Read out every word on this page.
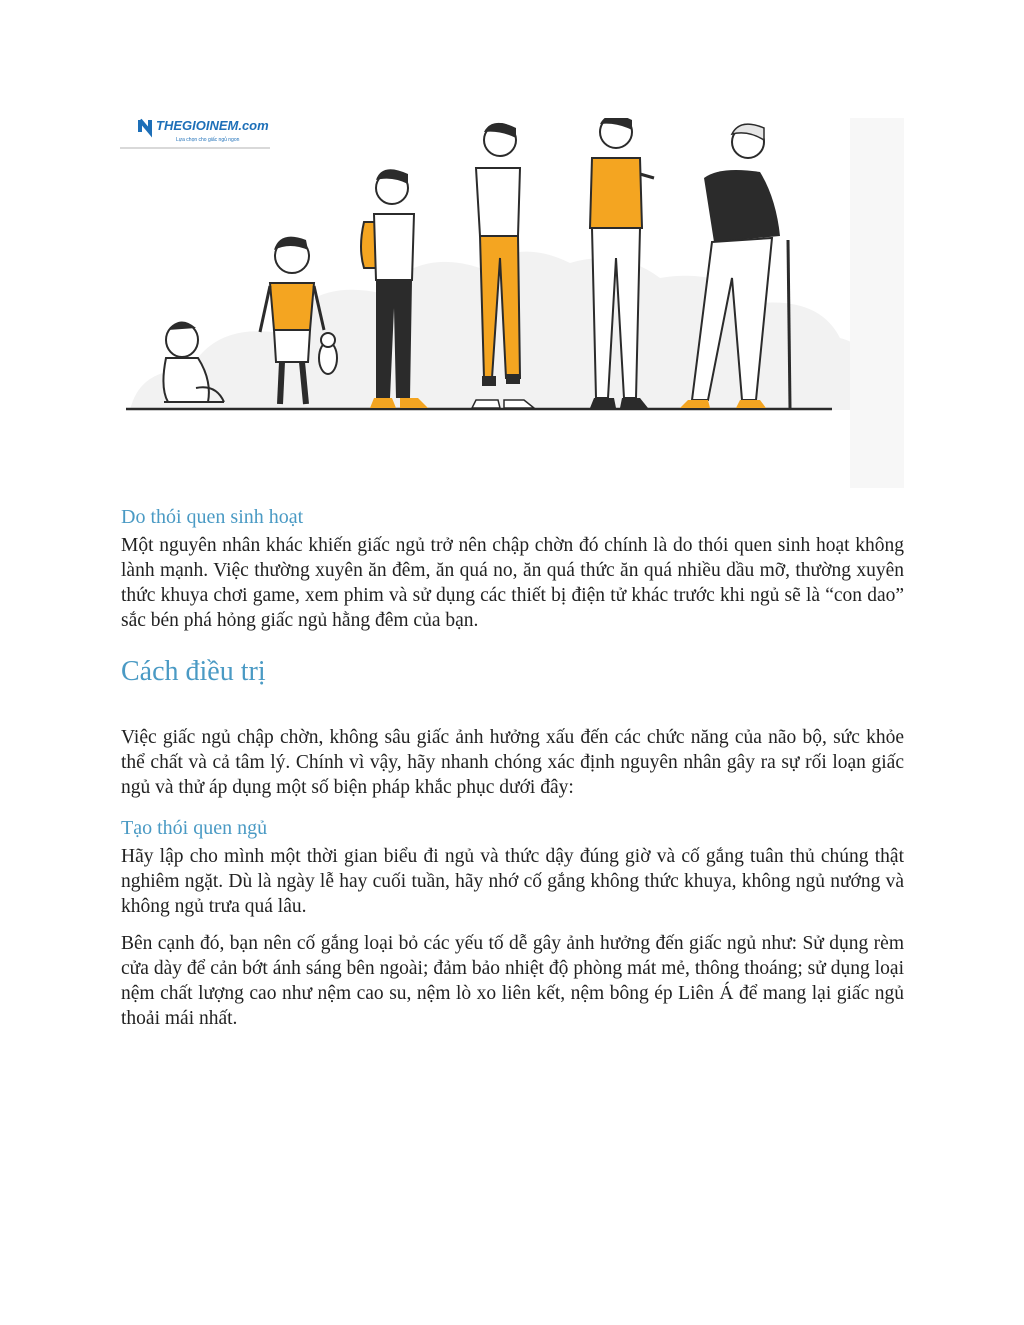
THEGIOINEM.com
Lựa chọn cho giấc ngủ ngon
Do thói quen sinh hoạt

Một nguyên nhân khác khiến giấc ngủ trở nên chập chờn đó chính là do thói quen sinh hoạt không lành mạnh. Việc thường xuyên ăn đêm, ăn quá no, ăn quá thức ăn quá nhiều dầu mỡ, thường xuyên thức khuya chơi game, xem phim và sử dụng các thiết bị điện tử khác trước khi ngủ sẽ là “con dao” sắc bén phá hỏng giấc ngủ hằng đêm của bạn.

Cách điều trị

Việc giấc ngủ chập chờn, không sâu giấc ảnh hưởng xấu đến các chức năng của não bộ, sức khỏe thể chất và cả tâm lý. Chính vì vậy, hãy nhanh chóng xác định nguyên nhân gây ra sự rối loạn giấc ngủ và thử áp dụng một số biện pháp khắc phục dưới đây:

Tạo thói quen ngủ

Hãy lập cho mình một thời gian biểu đi ngủ và thức dậy đúng giờ và cố gắng tuân thủ chúng thật nghiêm ngặt. Dù là ngày lễ hay cuối tuần, hãy nhớ cố gắng không thức khuya, không ngủ nướng và không ngủ trưa quá lâu.

Bên cạnh đó, bạn nên cố gắng loại bỏ các yếu tố dễ gây ảnh hưởng đến giấc ngủ như: Sử dụng rèm cửa dày để cản bớt ánh sáng bên ngoài; đảm bảo nhiệt độ phòng mát mẻ, thông thoáng; sử dụng loại nệm chất lượng cao như nệm cao su, nệm lò xo liên kết, nệm bông ép Liên Á để mang lại giấc ngủ thoải mái nhất.
